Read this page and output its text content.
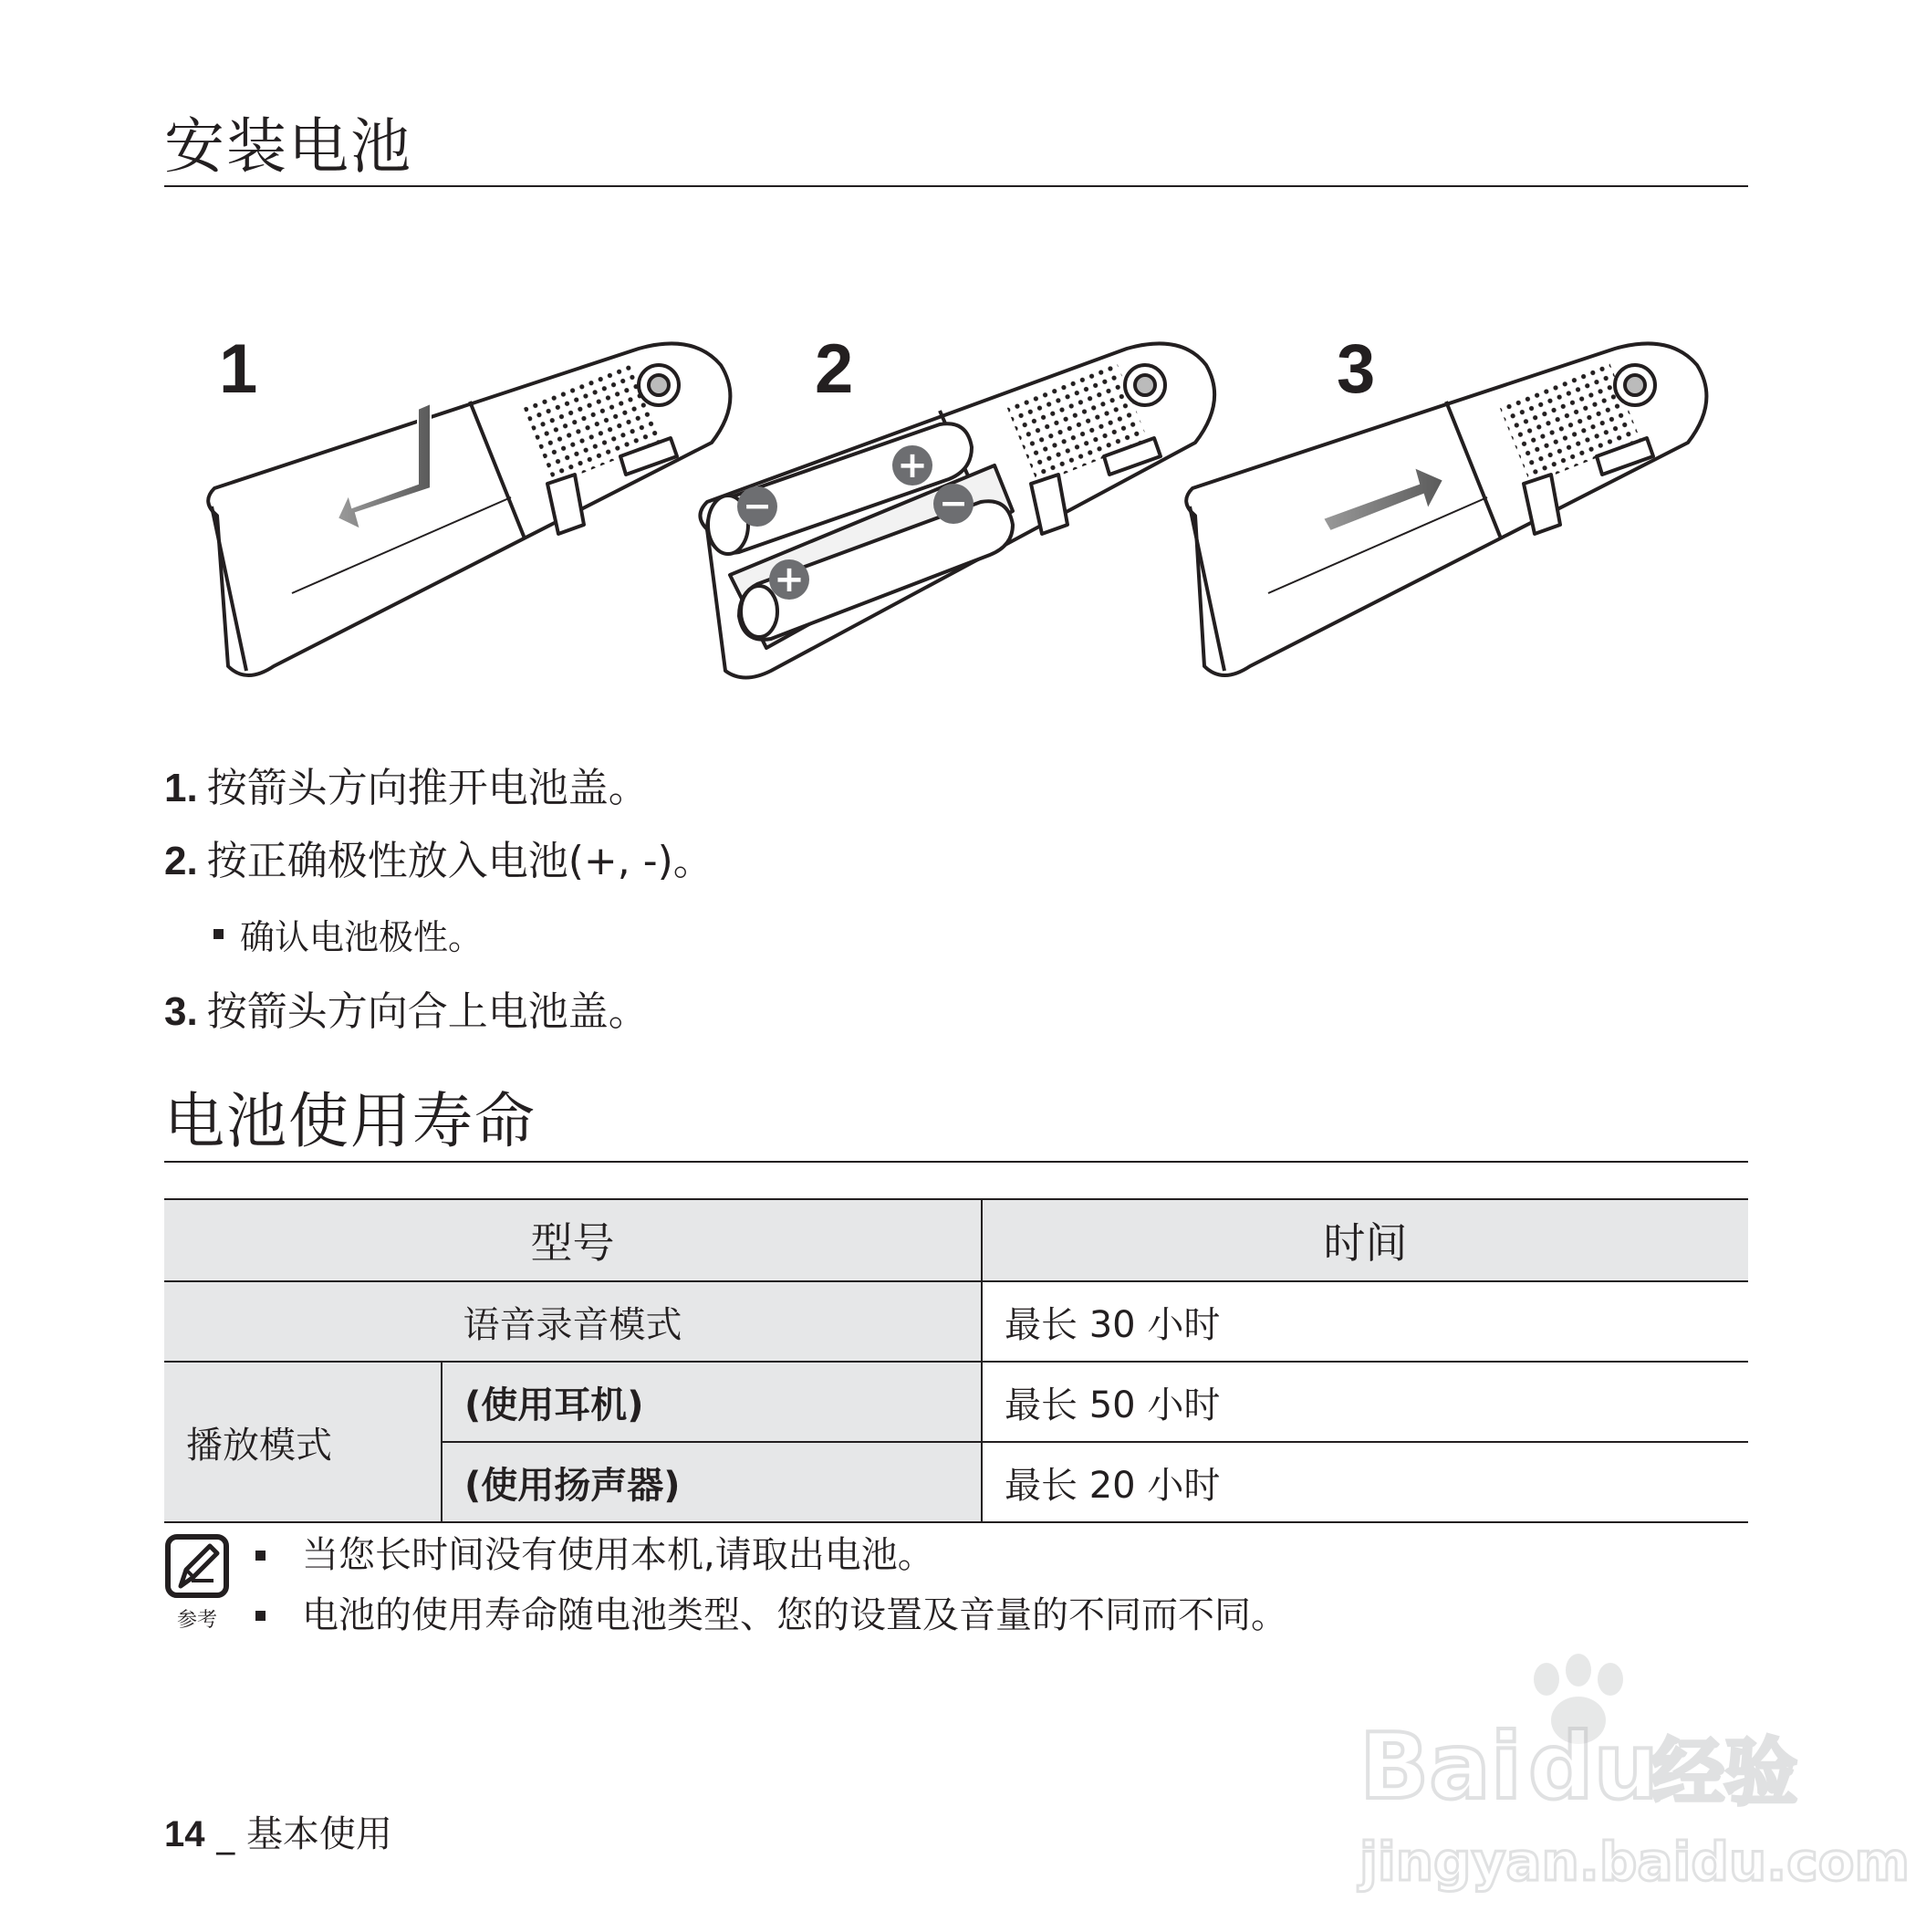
安装电池
1
−
+
−
+
2	3
1. 按箭头方向推开电池盖。
2. 按正确极性放入电池(+, -)。
确认电池极性。
3. 按箭头方向合上电池盖。
电池使用寿命
型号		时间
语音录音模式		最长 30 小时
播放模式	(使用耳机)	最长 50 小时
	(使用扬声器)	最长 20 小时
参考
当您长时间没有使用本机,请取出电池。
电池的使用寿命随电池类型、您的设置及音量的不同而不同。
14 _ 基本使用
Bai du
经验
jingyan.baidu.com
